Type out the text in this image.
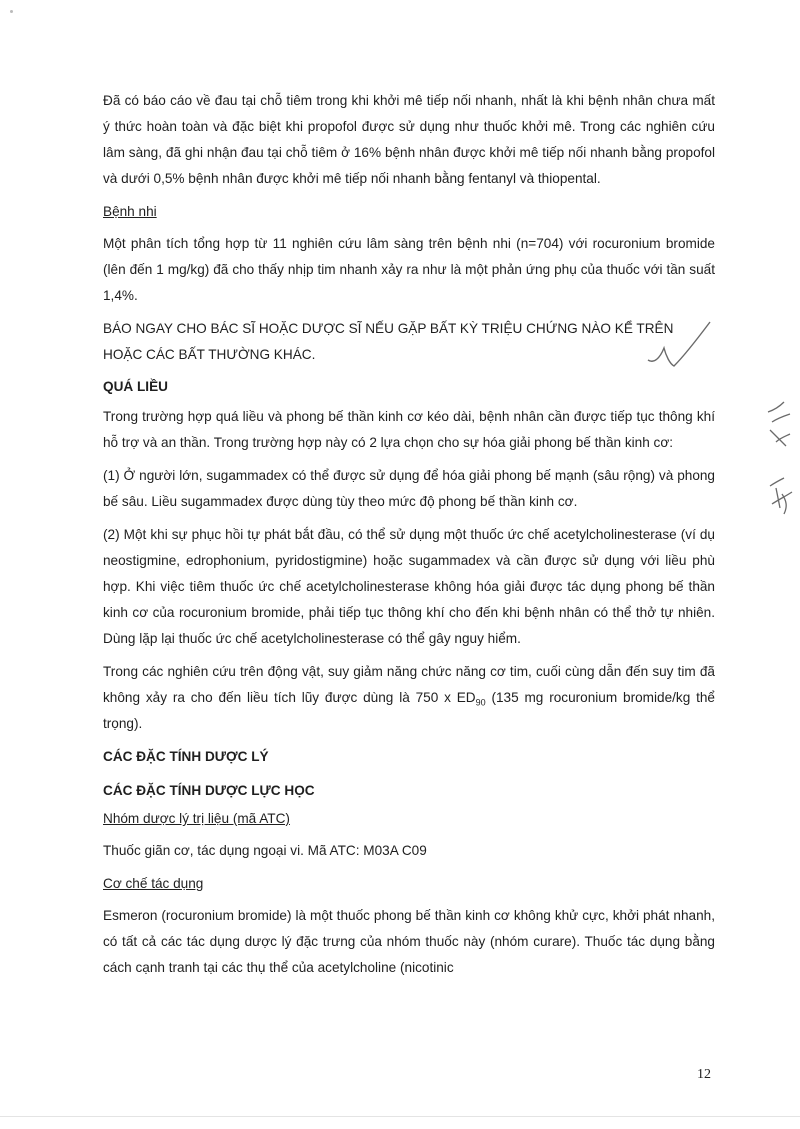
Đã có báo cáo về đau tại chỗ tiêm trong khi khởi mê tiếp nối nhanh, nhất là khi bệnh nhân chưa mất ý thức hoàn toàn và đặc biệt khi propofol được sử dụng như thuốc khởi mê. Trong các nghiên cứu lâm sàng, đã ghi nhận đau tại chỗ tiêm ở 16% bệnh nhân được khởi mê tiếp nối nhanh bằng propofol và dưới 0,5% bệnh nhân được khởi mê tiếp nối nhanh bằng fentanyl và thiopental.

Bệnh nhi

Một phân tích tổng hợp từ 11 nghiên cứu lâm sàng trên bệnh nhi (n=704) với rocuronium bromide (lên đến 1 mg/kg) đã cho thấy nhịp tim nhanh xảy ra như là một phản ứng phụ của thuốc với tần suất 1,4%.

BÁO NGAY CHO BÁC SĨ HOẶC DƯỢC SĨ NẾU GẶP BẤT KỲ TRIỆU CHỨNG NÀO KỂ TRÊN HOẶC CÁC BẤT THƯỜNG KHÁC.

QUÁ LIỀU

Trong trường hợp quá liều và phong bế thần kinh cơ kéo dài, bệnh nhân cần được tiếp tục thông khí hỗ trợ và an thần. Trong trường hợp này có 2 lựa chọn cho sự hóa giải phong bế thần kinh cơ:

(1) Ở người lớn, sugammadex có thể được sử dụng để hóa giải phong bế mạnh (sâu rộng) và phong bế sâu. Liều sugammadex được dùng tùy theo mức độ phong bế thần kinh cơ.

(2) Một khi sự phục hồi tự phát bắt đầu, có thể sử dụng một thuốc ức chế acetylcholinesterase (ví dụ neostigmine, edrophonium, pyridostigmine) hoặc sugammadex và cần được sử dụng với liều phù hợp. Khi việc tiêm thuốc ức chế acetylcholinesterase không hóa giải được tác dụng phong bế thần kinh cơ của rocuronium bromide, phải tiếp tục thông khí cho đến khi bệnh nhân có thể thở tự nhiên. Dùng lặp lại thuốc ức chế acetylcholinesterase có thể gây nguy hiểm.

Trong các nghiên cứu trên động vật, suy giảm năng chức năng cơ tim, cuối cùng dẫn đến suy tim đã không xảy ra cho đến liều tích lũy được dùng là 750 x $ED_{90}$ (135 mg rocuronium bromide/kg thể trọng).

CÁC ĐẶC TÍNH DƯỢC LÝ

CÁC ĐẶC TÍNH DƯỢC LỰC HỌC

Nhóm dược lý trị liệu (mã ATC)

Thuốc giãn cơ, tác dụng ngoại vi. Mã ATC: M03A C09

Cơ chế tác dụng

Esmeron (rocuronium bromide) là một thuốc phong bế thần kinh cơ không khử cực, khởi phát nhanh, có tất cả các tác dụng dược lý đặc trưng của nhóm thuốc này (nhóm curare). Thuốc tác dụng bằng cách cạnh tranh tại các thụ thể của acetylcholine (nicotinic

12
